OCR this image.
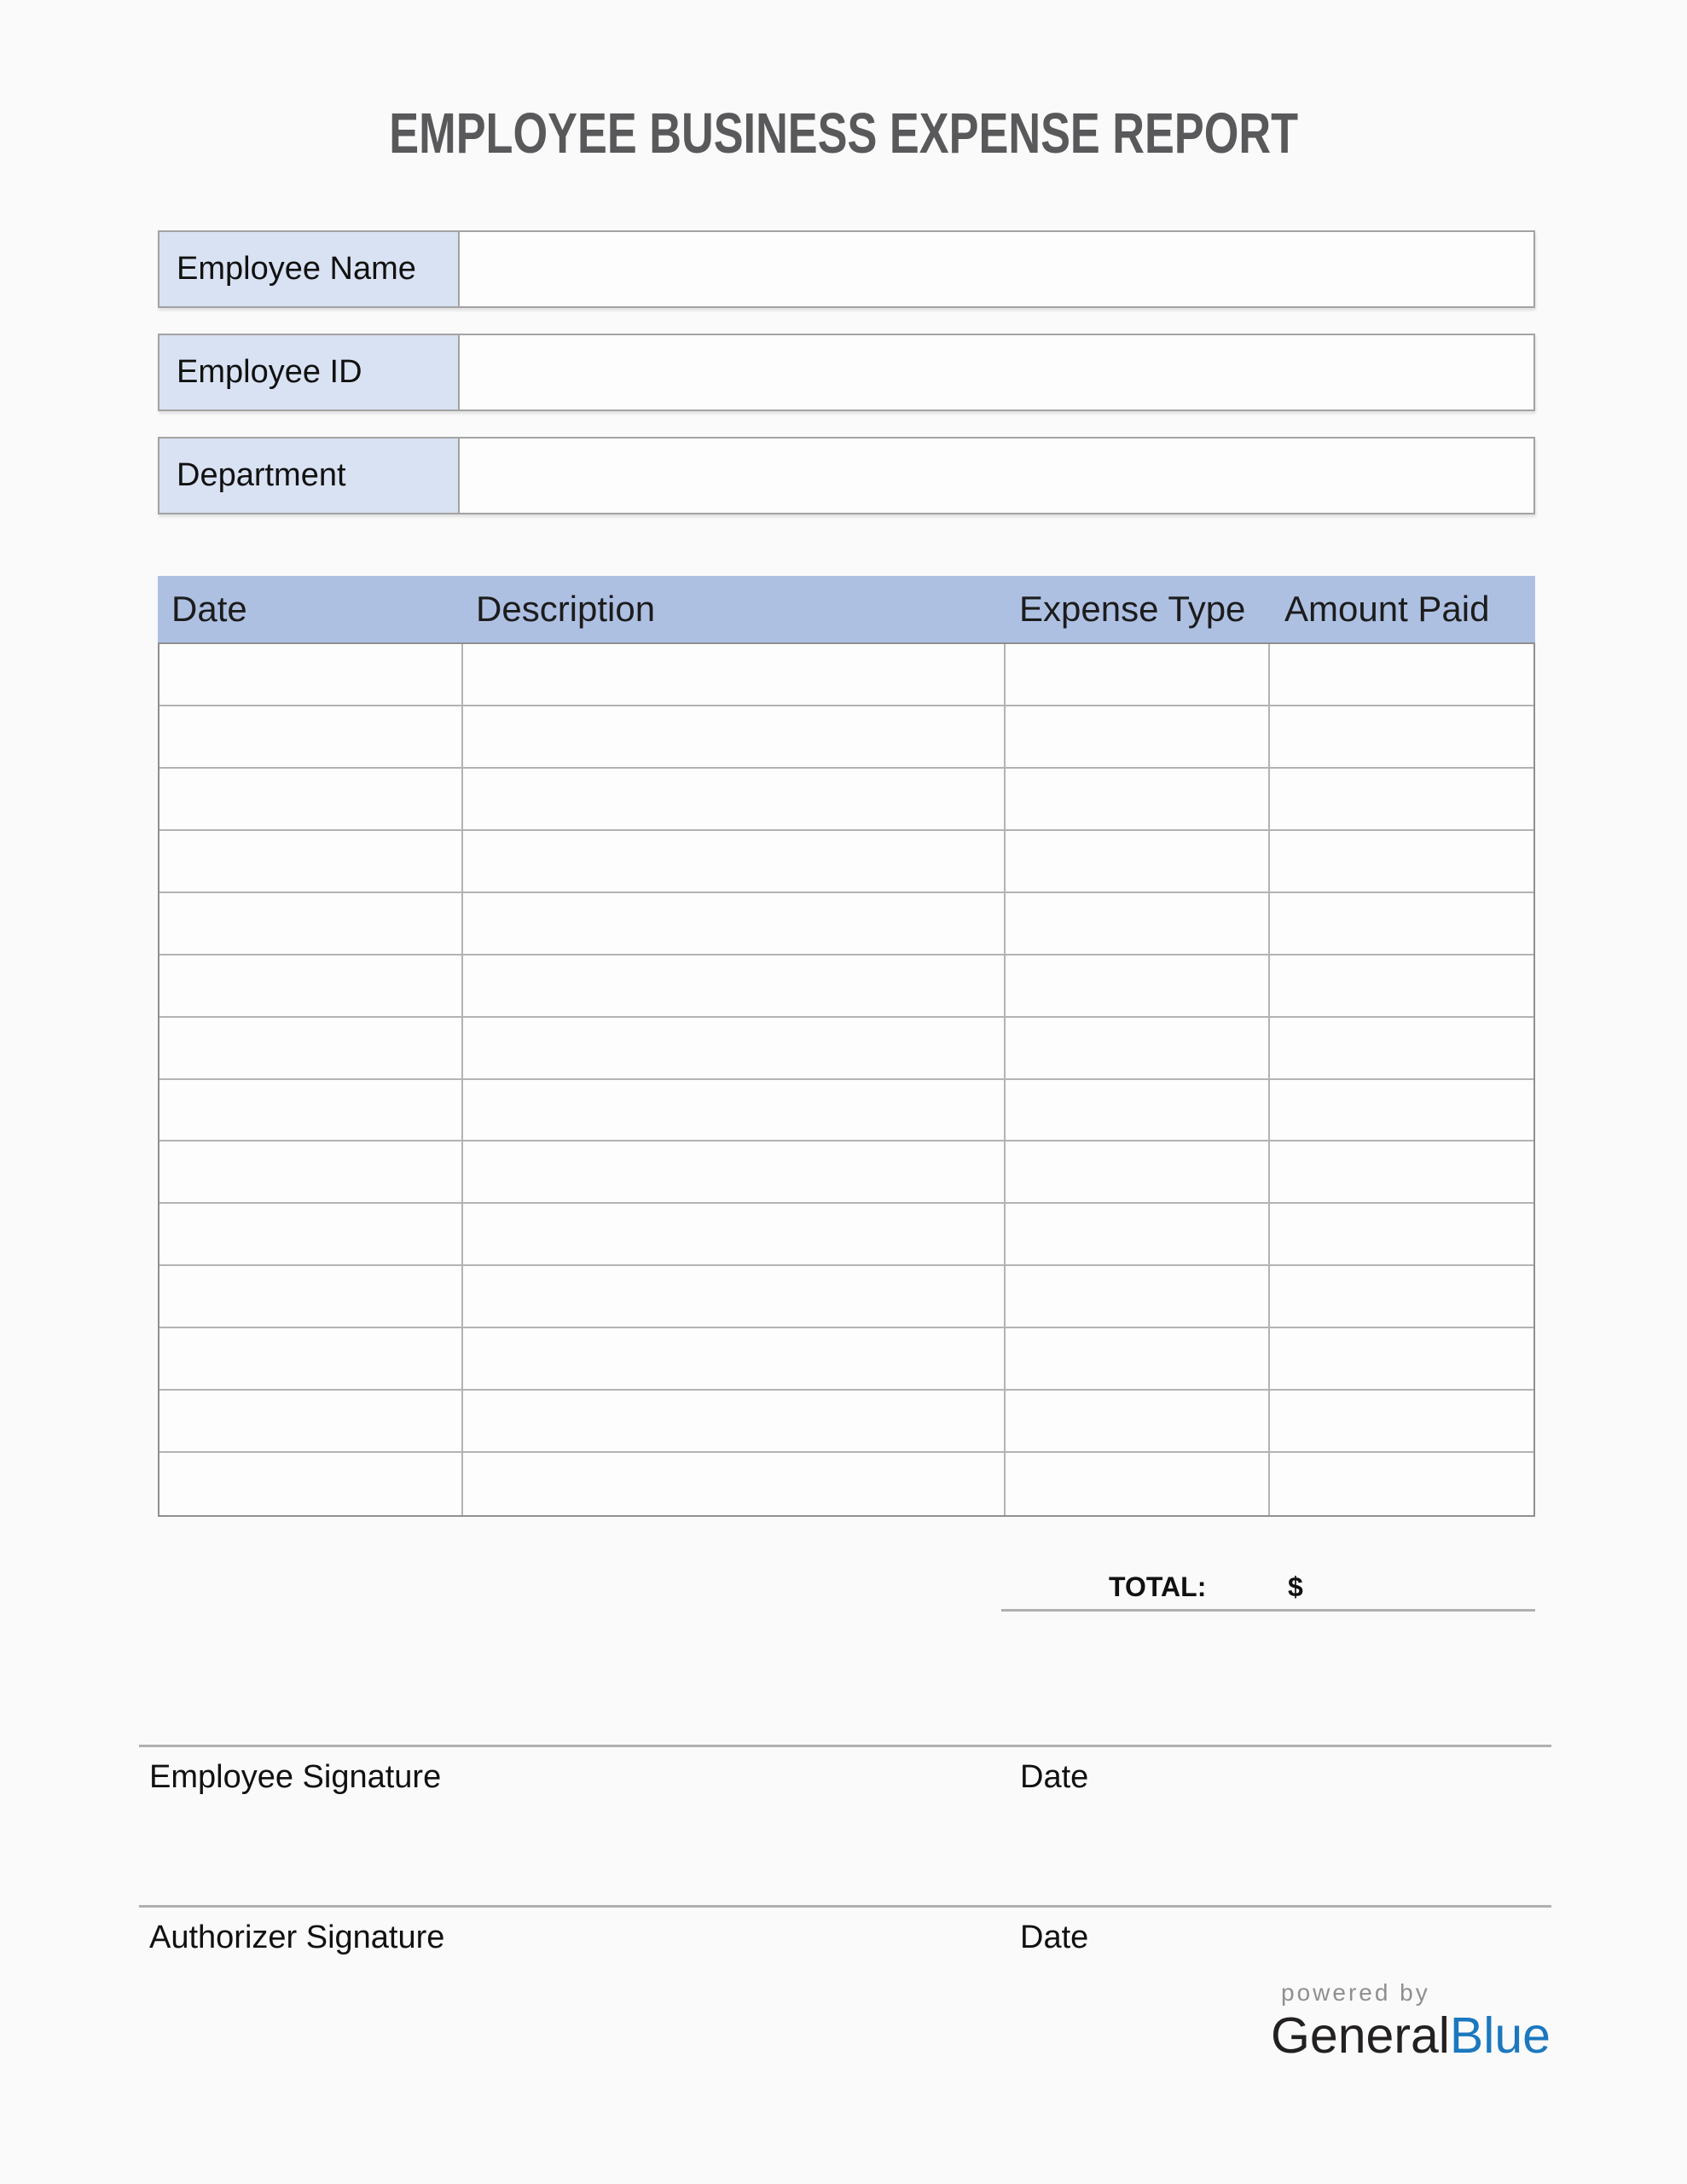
EMPLOYEE BUSINESS EXPENSE REPORT
Employee Name
Employee ID
Department
Date	Description	Expense Type	Amount Paid
TOTAL:	$
Employee Signature	Date
Authorizer Signature	Date
powered by
GeneralBlue
